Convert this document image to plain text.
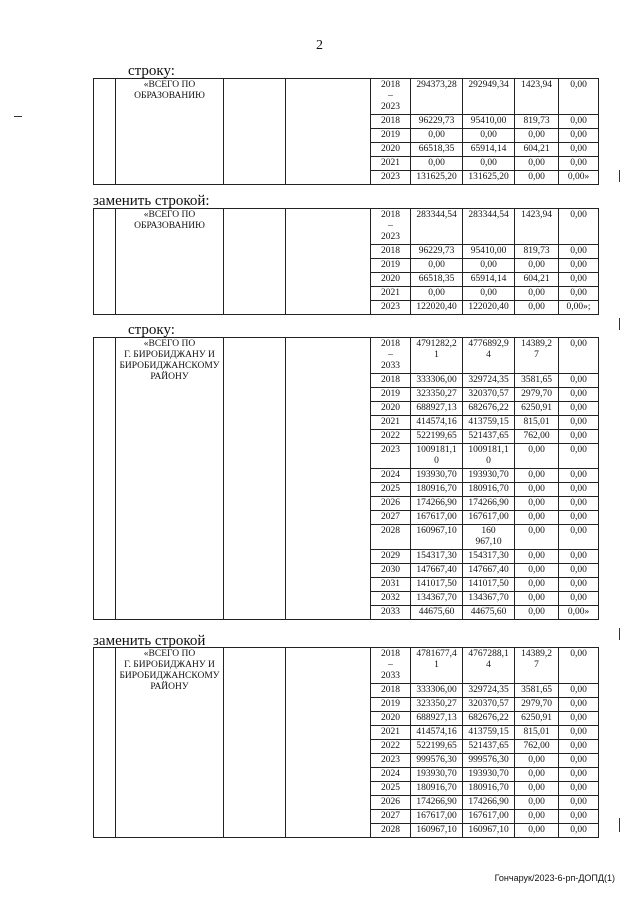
2
строку:
	«ВСЕГО ПО
ОБРАЗОВАНИЮ			2018
–
2023	294373,28	292949,34	1423,94	0,00
				2018	96229,73	95410,00	819,73	0,00
				2019	0,00	0,00	0,00	0,00
				2020	66518,35	65914,14	604,21	0,00
				2021	0,00	0,00	0,00	0,00
				2023	131625,20	131625,20	0,00	0,00»
заменить строкой:
	«ВСЕГО ПО
ОБРАЗОВАНИЮ			2018
–
2023	283344,54	283344,54	1423,94	0,00
				2018	96229,73	95410,00	819,73	0,00
				2019	0,00	0,00	0,00	0,00
				2020	66518,35	65914,14	604,21	0,00
				2021	0,00	0,00	0,00	0,00
				2023	122020,40	122020,40	0,00	0,00»;
строку:
	«ВСЕГО ПО
Г. БИРОБИДЖАНУ И
БИРОБИДЖАНСКОМУ
РАЙОНУ			2018
–
2033	4791282,2
1	4776892,9
4	14389,2
7	0,00
				2018	333306,00	329724,35	3581,65	0,00
				2019	323350,27	320370,57	2979,70	0,00
				2020	688927,13	682676,22	6250,91	0,00
				2021	414574,16	413759,15	815,01	0,00
				2022	522199,65	521437,65	762,00	0,00
				2023	1009181,1
0	1009181,1
0	0,00	0,00
				2024	193930,70	193930,70	0,00	0,00
				2025	180916,70	180916,70	0,00	0,00
				2026	174266,90	174266,90	0,00	0,00
				2027	167617,00	167617,00	0,00	0,00
				2028	160967,10	160
967,10	0,00	0,00
				2029	154317,30	154317,30	0,00	0,00
				2030	147667,40	147667,40	0,00	0,00
				2031	141017,50	141017,50	0,00	0,00
				2032	134367,70	134367,70	0,00	0,00
				2033	44675,60	44675,60	0,00	0,00»
заменить строкой
	«ВСЕГО ПО
Г. БИРОБИДЖАНУ И
БИРОБИДЖАНСКОМУ
РАЙОНУ			2018
–
2033	4781677,4
1	4767288,1
4	14389,2
7	0,00
				2018	333306,00	329724,35	3581,65	0,00
				2019	323350,27	320370,57	2979,70	0,00
				2020	688927,13	682676,22	6250,91	0,00
				2021	414574,16	413759,15	815,01	0,00
				2022	522199,65	521437,65	762,00	0,00
				2023	999576,30	999576,30	0,00	0,00
				2024	193930,70	193930,70	0,00	0,00
				2025	180916,70	180916,70	0,00	0,00
				2026	174266,90	174266,90	0,00	0,00
				2027	167617,00	167617,00	0,00	0,00
				2028	160967,10	160967,10	0,00	0,00
Гончарук/2023-6-рп-ДОПД(1)
